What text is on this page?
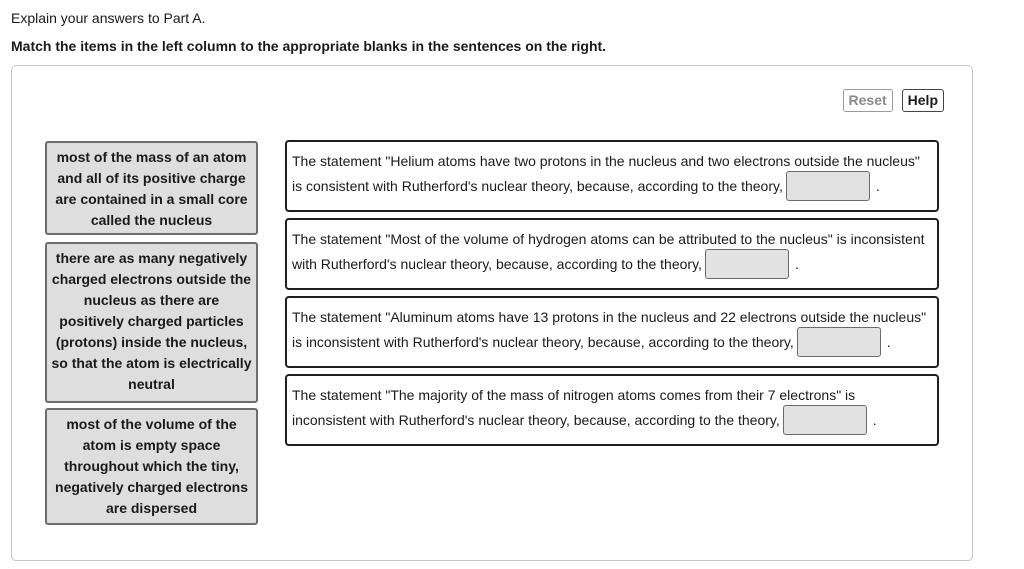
Explain your answers to Part A.
Match the items in the left column to the appropriate blanks in the sentences on the right.
Reset	Help
most of the mass of an atom and all of its positive charge are contained in a small core called the nucleus
there are as many negatively charged electrons outside the nucleus as there are positively charged particles (protons) inside the nucleus, so that the atom is electrically neutral
most of the volume of the atom is empty space throughout which the tiny, negatively charged electrons are dispersed
The statement "Helium atoms have two protons in the nucleus and two electrons outside the nucleus"
is consistent with Rutherford's nuclear theory, because, according to the theory,	.
The statement "Most of the volume of hydrogen atoms can be attributed to the nucleus" is inconsistent
with Rutherford's nuclear theory, because, according to the theory,	.
The statement "Aluminum atoms have 13 protons in the nucleus and 22 electrons outside the nucleus"
is inconsistent with Rutherford's nuclear theory, because, according to the theory,	.
The statement "The majority of the mass of nitrogen atoms comes from their 7 electrons" is
inconsistent with Rutherford's nuclear theory, because, according to the theory,	.
